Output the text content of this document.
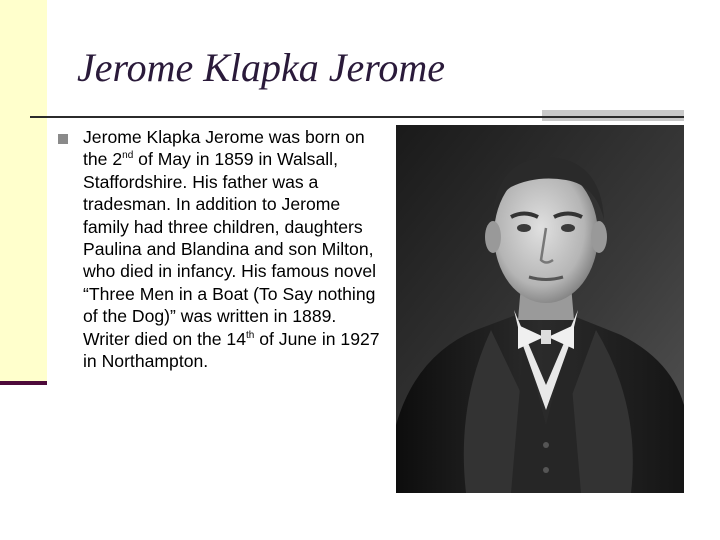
Jerome Klapka Jerome

Jerome Klapka Jerome was born on the 2nd of May in 1859 in Walsall, Staffordshire. His father was a tradesman. In addition to Jerome family had three children, daughters Paulina and Blandina and son Milton, who died in infancy. His famous novel “Three Men in a Boat (To Say nothing of the Dog)” was written in 1889. Writer died on the 14th of June in 1927 in Northampton.
